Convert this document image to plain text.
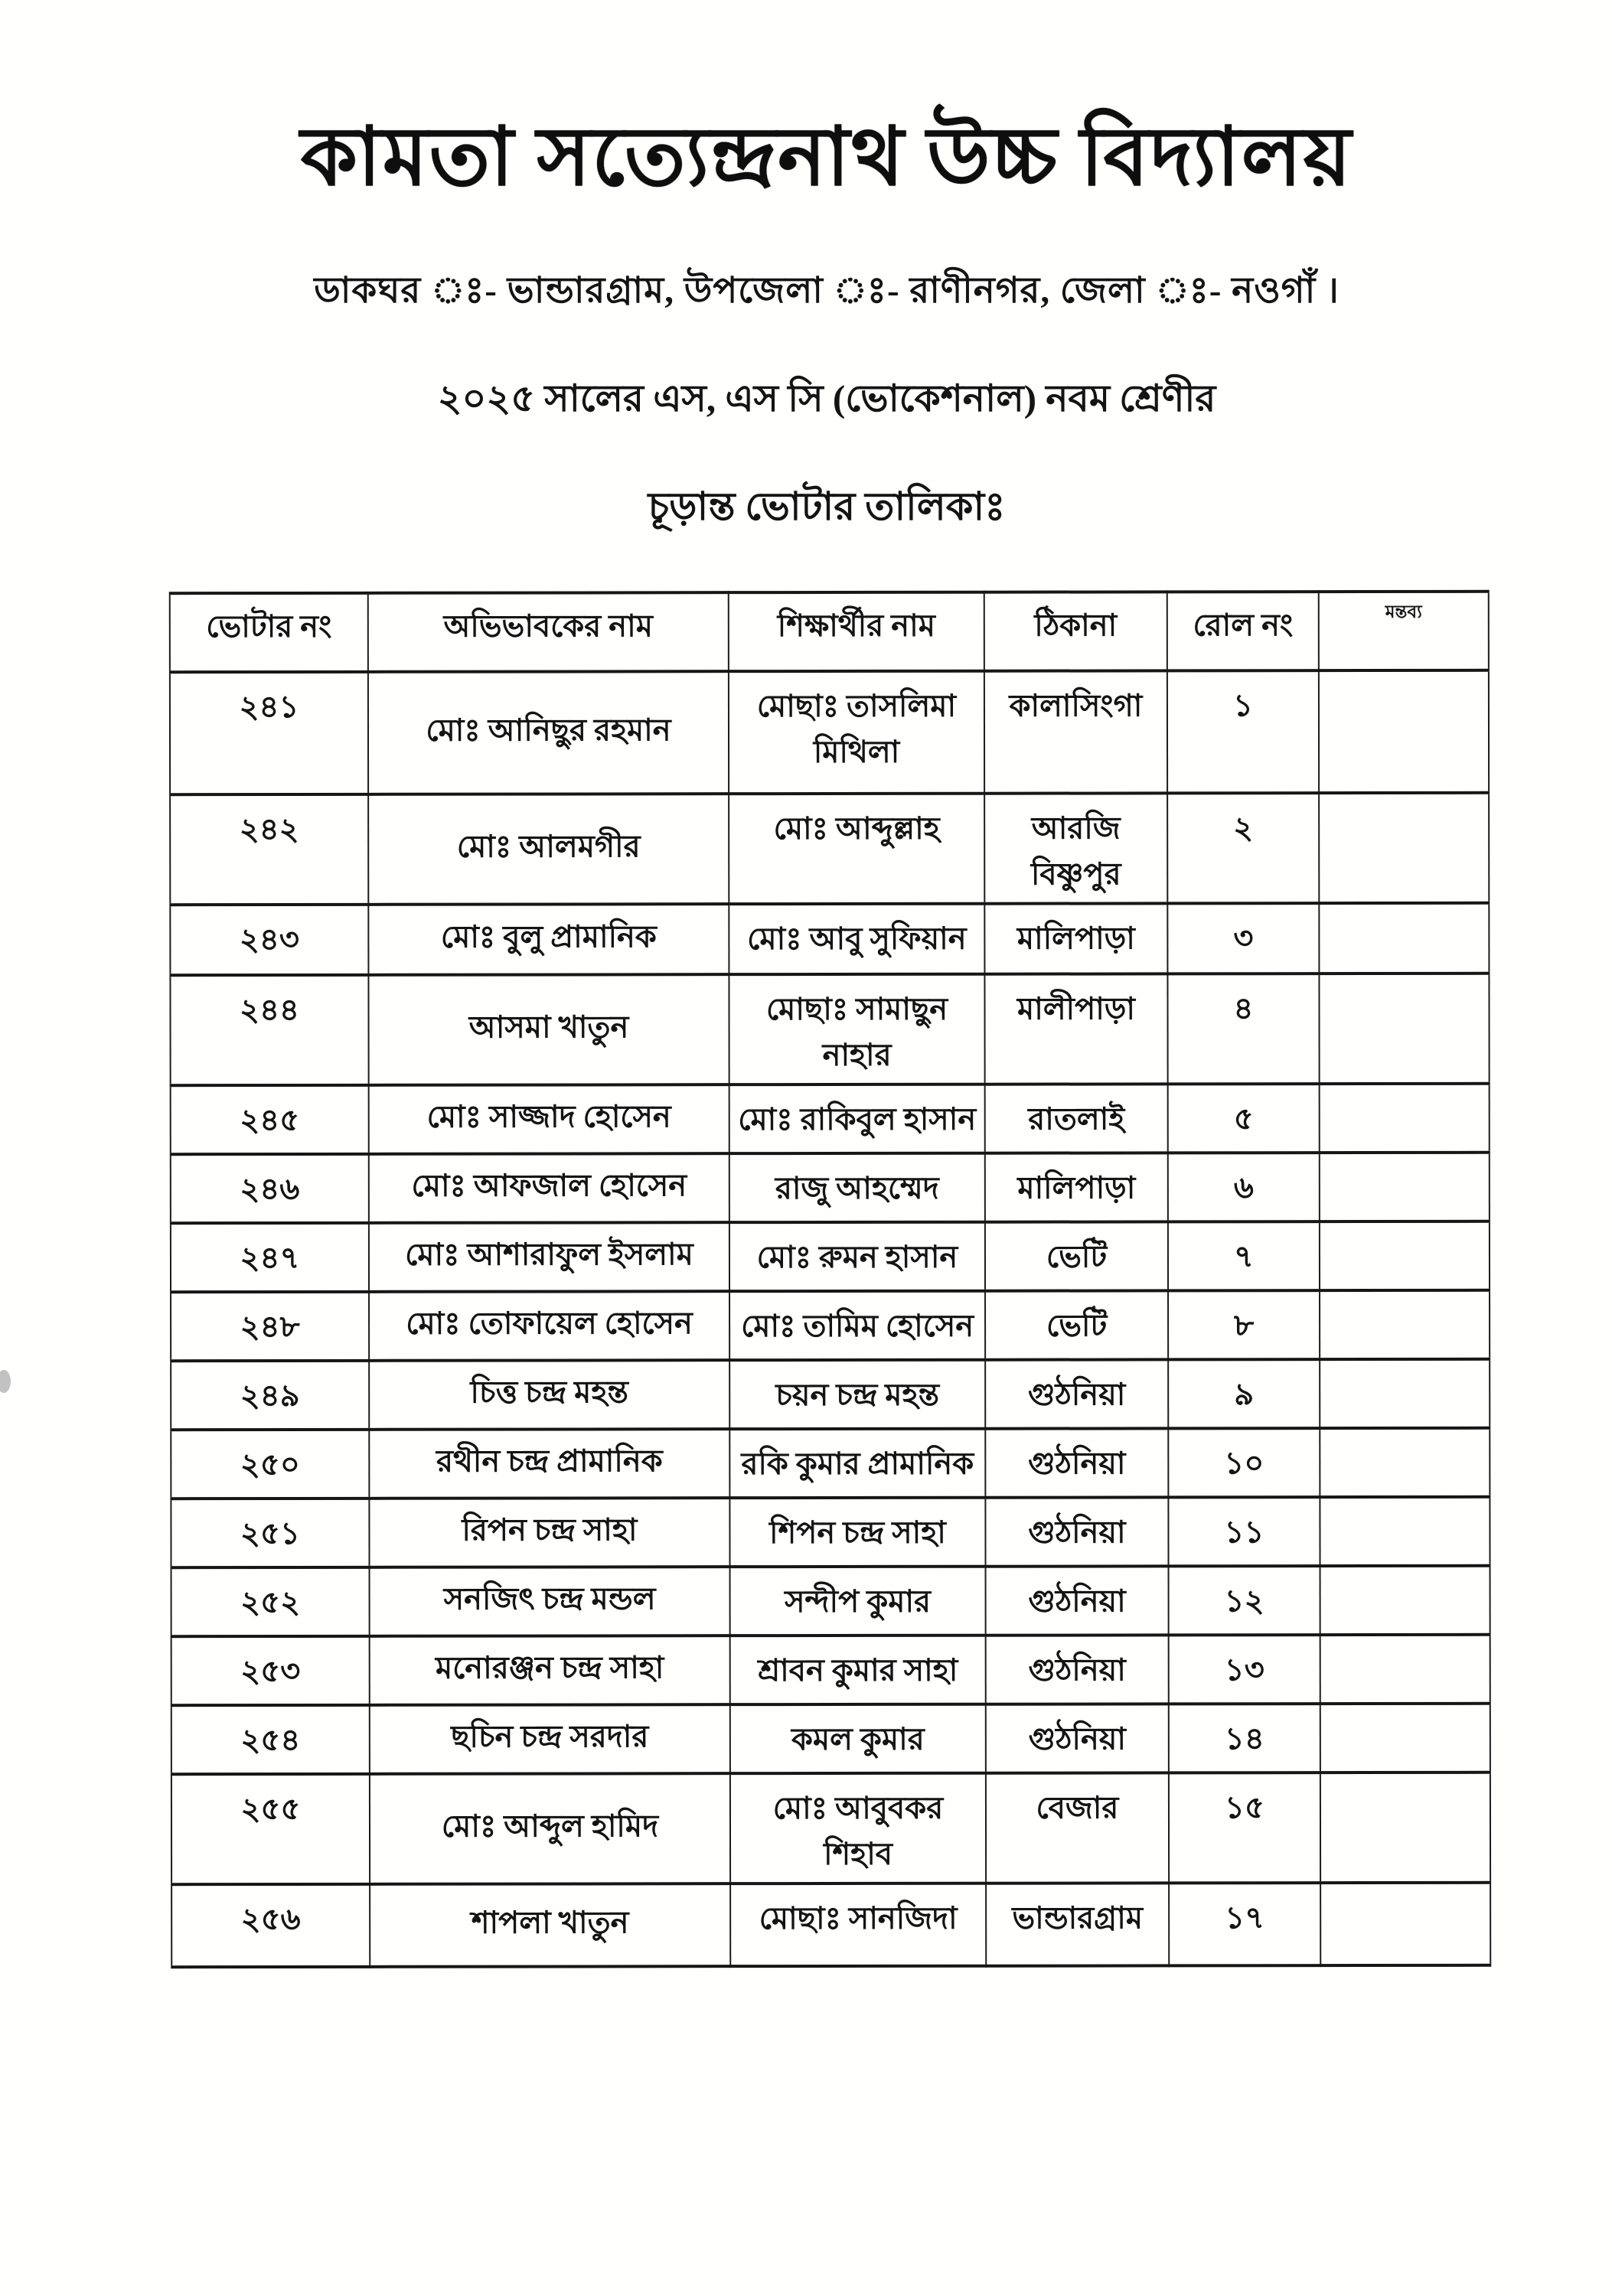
কামতা সত্যেন্দ্রনাথ উচ্চ বিদ্যালয়
ডাকঘর ঃ- ভান্ডারগ্রাম, উপজেলা ঃ- রাণীনগর, জেলা ঃ- নওগাঁ ।
২০২৫ সালের এস, এস সি (ভোকেশনাল) নবম শ্রেণীর
চূড়ান্ত ভোটার তালিকাঃ
ভোটার নং	অভিভাবকের নাম	শিক্ষার্থীর নাম	ঠিকানা	রোল নং	মন্তব্য
২৪১	মোঃ আনিছুর রহমান	মোছাঃ তাসলিমা মিথিলা	কালাসিংগা	১	
২৪২	মোঃ আলমগীর	মোঃ আব্দুল্লাহ	আরজি বিষ্ণুপুর	২	
২৪৩	মোঃ বুলু প্রামানিক	মোঃ আবু সুফিয়ান	মালিপাড়া	৩	
২৪৪	আসমা খাতুন	মোছাঃ সামাছুন নাহার	মালীপাড়া	৪	
২৪৫	মোঃ সাজ্জাদ হোসেন	মোঃ রাকিবুল হাসান	রাতলাই	৫	
২৪৬	মোঃ আফজাল হোসেন	রাজু আহম্মেদ	মালিপাড়া	৬	
২৪৭	মোঃ আশারাফুল ইসলাম	মোঃ রুমন হাসান	ভেটি	৭	
২৪৮	মোঃ তোফায়েল হোসেন	মোঃ তামিম হোসেন	ভেটি	৮	
২৪৯	চিত্ত চন্দ্র মহন্ত	চয়ন চন্দ্র মহন্ত	গুঠনিয়া	৯	
২৫০	রথীন চন্দ্র প্রামানিক	রকি কুমার প্রামানিক	গুঠনিয়া	১০	
২৫১	রিপন চন্দ্র সাহা	শিপন চন্দ্র সাহা	গুঠনিয়া	১১	
২৫২	সনজিৎ চন্দ্র মন্ডল	সন্দীপ কুমার	গুঠনিয়া	১২	
২৫৩	মনোরঞ্জন চন্দ্র সাহা	শ্রাবন কুমার সাহা	গুঠনিয়া	১৩	
২৫৪	ছচিন চন্দ্র সরদার	কমল কুমার	গুঠনিয়া	১৪	
২৫৫	মোঃ আব্দুল হামিদ	মোঃ আবুবকর শিহাব	বেজার	১৫	
২৫৬	শাপলা খাতুন	মোছাঃ সানজিদা	ভান্ডারগ্রাম	১৭	
